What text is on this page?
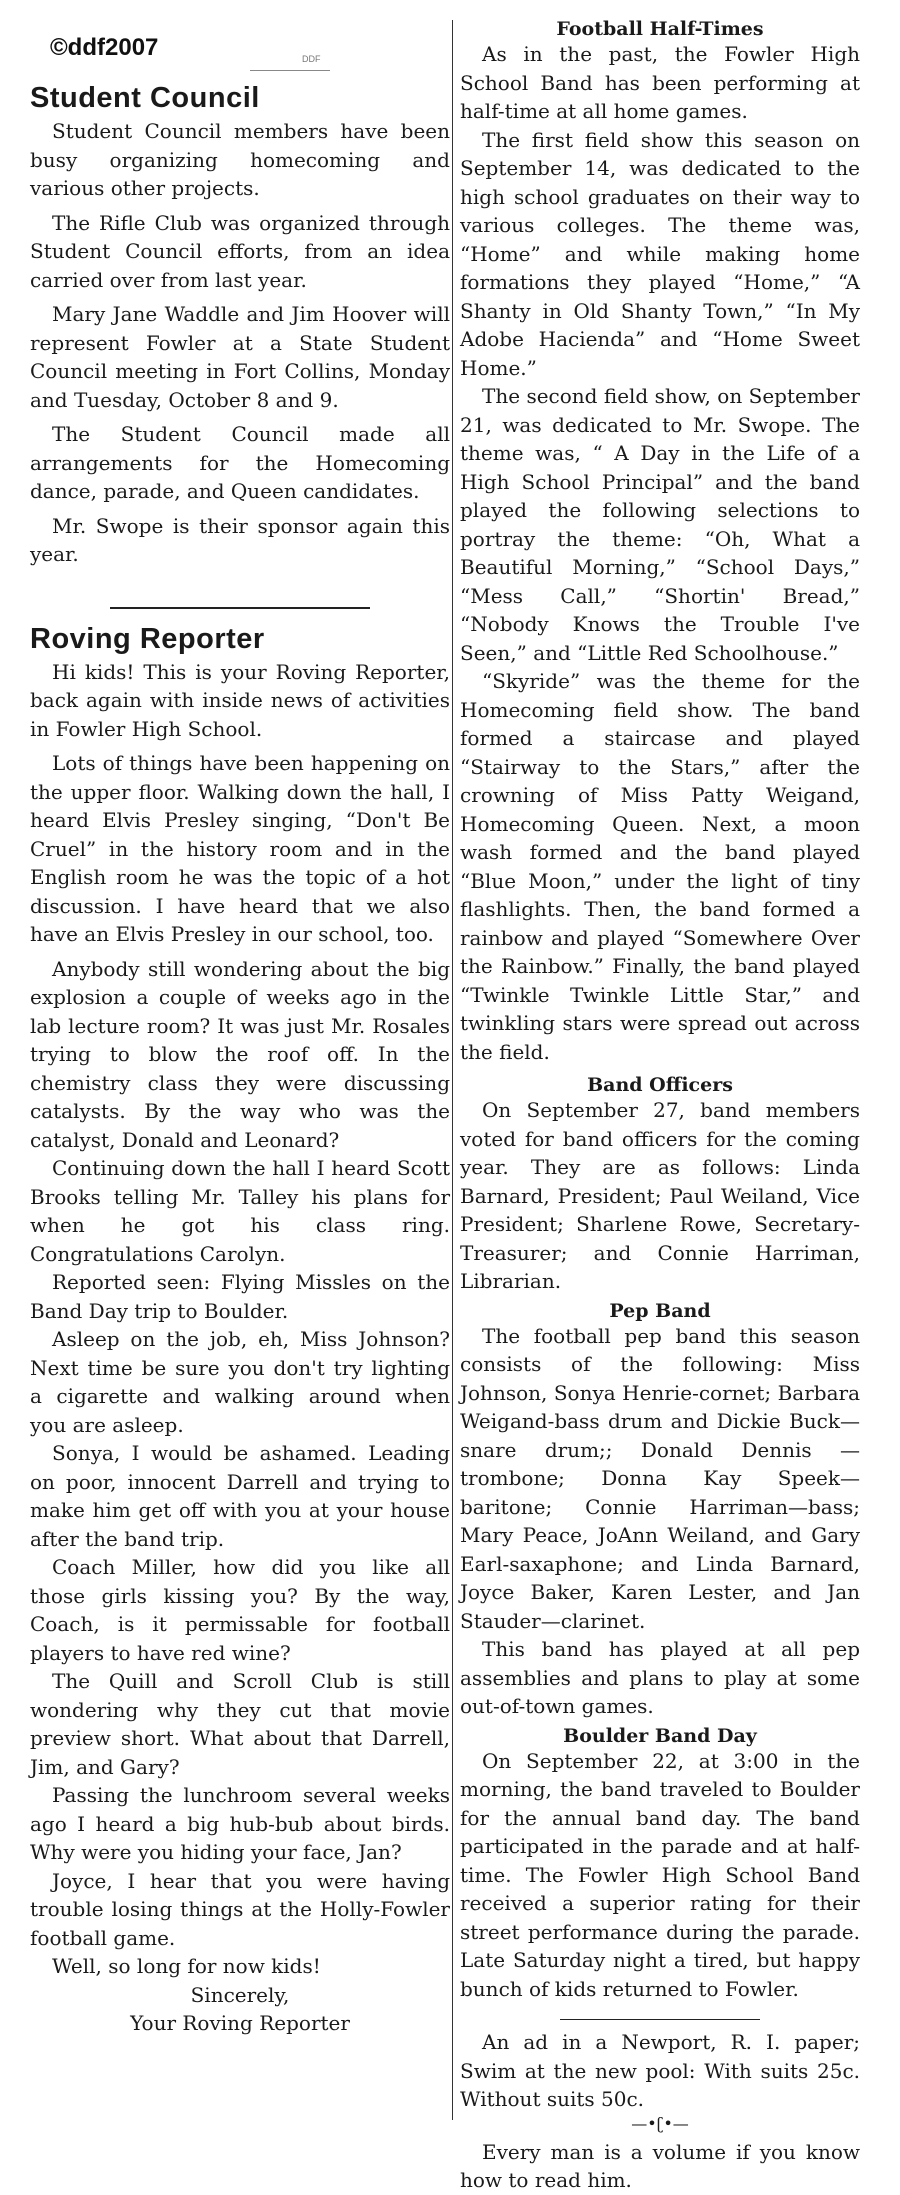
©ddf2007	DDF
Student Council

Student Council members have been busy organizing homecoming and various other projects.

The Rifle Club was organized through Student Council efforts, from an idea carried over from last year.

Mary Jane Waddle and Jim Hoover will represent Fowler at a State Student Council meeting in Fort Collins, Monday and Tuesday, October 8 and 9.

The Student Council made all arrangements for the Homecoming dance, parade, and Queen candidates.

Mr. Swope is their sponsor again this year.

Roving Reporter

Hi kids! This is your Roving Reporter, back again with inside news of activities in Fowler High School.

Lots of things have been happening on the upper floor. Walking down the hall, I heard Elvis Presley singing, “Don't Be Cruel” in the history room and in the English room he was the topic of a hot discussion. I have heard that we also have an Elvis Presley in our school, too.

Anybody still wondering about the big explosion a couple of weeks ago in the lab lecture room? It was just Mr. Rosales trying to blow the roof off. In the chemistry class they were discussing catalysts. By the way who was the catalyst, Donald and Leonard?

Continuing down the hall I heard Scott Brooks telling Mr. Talley his plans for when he got his class ring. Congratulations Carolyn.

Reported seen: Flying Missles on the Band Day trip to Boulder.

Asleep on the job, eh, Miss Johnson? Next time be sure you don't try lighting a cigarette and walking around when you are asleep.

Sonya, I would be ashamed. Leading on poor, innocent Darrell and trying to make him get off with you at your house after the band trip.

Coach Miller, how did you like all those girls kissing you? By the way, Coach, is it permissable for football players to have red wine?

The Quill and Scroll Club is still wondering why they cut that movie preview short. What about that Darrell, Jim, and Gary?

Passing the lunchroom several weeks ago I heard a big hub-bub about birds. Why were you hiding your face, Jan?

Joyce, I hear that you were having trouble losing things at the Holly-Fowler football game.

Well, so long for now kids!

Sincerely,

Your Roving Reporter

Football Half-Times

As in the past, the Fowler High School Band has been performing at half-time at all home games.

The first field show this season on September 14, was dedicated to the high school graduates on their way to various colleges. The theme was, “Home” and while making home formations they played “Home,” “A Shanty in Old Shanty Town,” “In My Adobe Hacienda” and “Home Sweet Home.”

The second field show, on September 21, was dedicated to Mr. Swope. The theme was, “ A Day in the Life of a High School Principal” and the band played the following selections to portray the theme: “Oh, What a Beautiful Morning,” “School Days,” “Mess Call,” “Shortin' Bread,” “Nobody Knows the Trouble I've Seen,” and “Little Red Schoolhouse.”

“Skyride” was the theme for the Homecoming field show. The band formed a staircase and played “Stairway to the Stars,” after the crowning of Miss Patty Weigand, Homecoming Queen. Next, a moon wash formed and the band played “Blue Moon,” under the light of tiny flashlights. Then, the band formed a rainbow and played “Somewhere Over the Rainbow.” Finally, the band played “Twinkle Twinkle Little Star,” and twinkling stars were spread out across the field.

Band Officers

On September 27, band members voted for band officers for the coming year. They are as follows: Linda Barnard, President; Paul Weiland, Vice President; Sharlene Rowe, Secretary-Treasurer; and Connie Harriman, Librarian.

Pep Band

The football pep band this season consists of the following: Miss Johnson, Sonya Henrie-cornet; Barbara Weigand-bass drum and Dickie Buck—snare drum;; Donald Dennis — trombone; Donna Kay Speek—baritone; Connie Harriman—bass; Mary Peace, JoAnn Weiland, and Gary Earl-saxaphone; and Linda Barnard, Joyce Baker, Karen Lester, and Jan Stauder—clarinet.

This band has played at all pep assemblies and plans to play at some out-of-town games.

Boulder Band Day

On September 22, at 3:00 in the morning, the band traveled to Boulder for the annual band day. The band participated in the parade and at half-time. The Fowler High School Band received a superior rating for their street performance during the parade. Late Saturday night a tired, but happy bunch of kids returned to Fowler.

An ad in a Newport, R. I. paper; Swim at the new pool: With suits 25c. Without suits 50c.

—•ʗ•—

Every man is a volume if you know how to read him.
